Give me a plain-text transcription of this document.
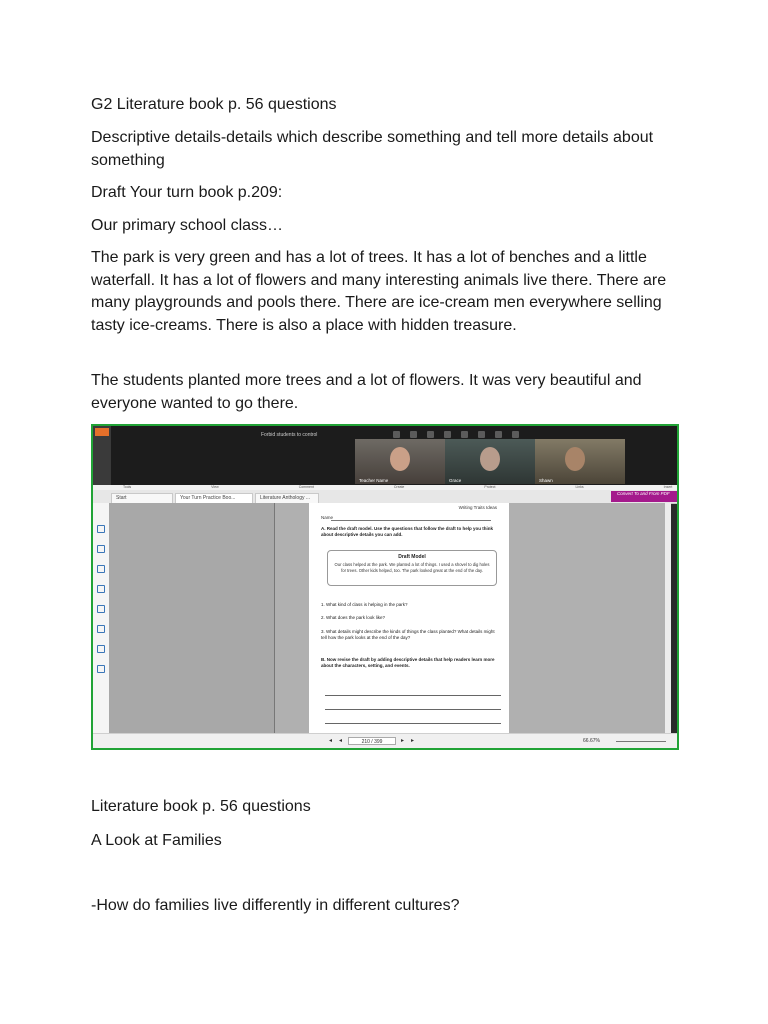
G2 Literature book p. 56 questions

Descriptive details-details which describe something and tell more details about something

Draft Your turn book p.209:

Our primary school class…

The park is very green and has a lot of trees. It has a lot of benches and a little waterfall. It has a lot of flowers and many interesting animals live there. There are many playgrounds and pools there. There are ice-cream men everywhere selling tasty ice-creams. There is also a place with hidden treasure.

The students planted more trees and a lot of flowers. It was very beautiful and everyone wanted to go there.

Literature book p. 56 questions

A Look at Families

-How do families live differently in different cultures?

Forbid students to control
Teacher Name	Grace	Shawn
Tools	View	Comment	Create	Protect	Links	Insert
Start	Your Turn Practice Boo...	Literature Anthology ...
Convert To and From PDF
Writing Traits Ideas
Name
A. Read the draft model. Use the questions that follow the draft to help you think about descriptive details you can add.
Draft Model
Our class helped at the park. We planted a lot of things. I used a shovel to dig holes for trees. Other kids helped, too. The park looked great at the end of the day.
1. What kind of class is helping in the park?
2. What does the park look like?
3. What details might describe the kinds of things the class planted? What details might tell how the park looks at the end of the day?
B. Now revise the draft by adding descriptive details that help readers learn more about the characters, setting, and events.
◂	◂	210 / 399	▸	▸	66.67%
